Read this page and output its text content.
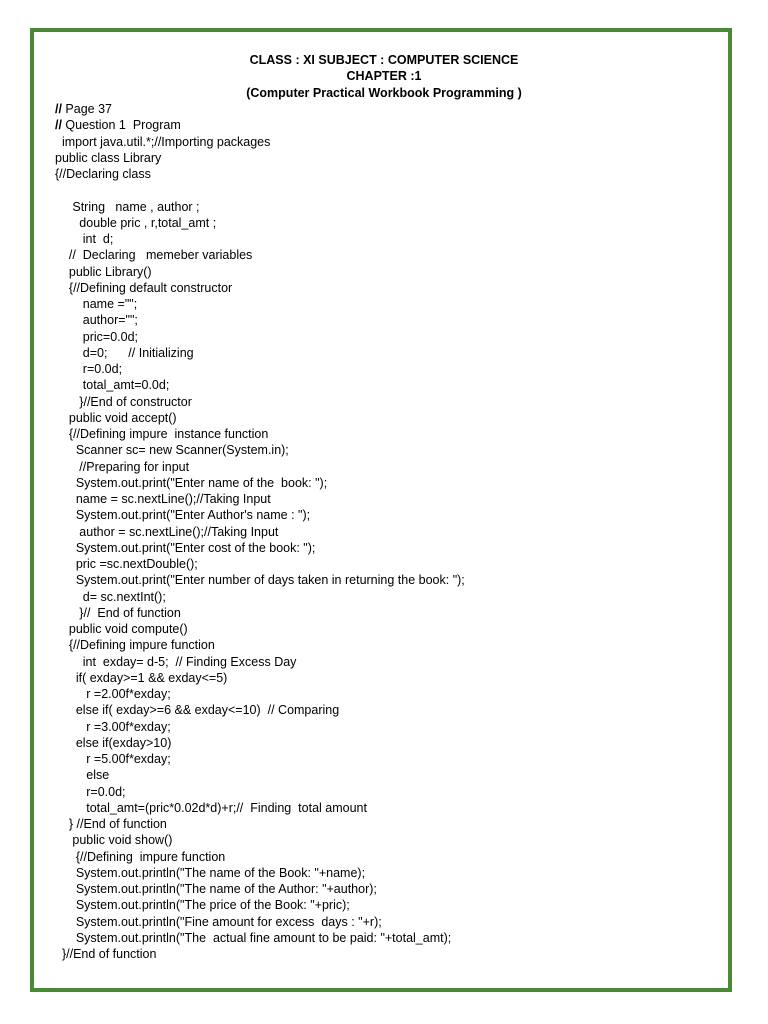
CLASS : XI SUBJECT : COMPUTER SCIENCE
CHAPTER :1
(Computer Practical Workbook Programming )
// Page 37
// Question 1  Program
import java.util.*;//Importing packages
public class Library
{//Declaring class
String   name , author ;
double pric , r,total_amt ;
int  d;
//  Declaring   memeber variables
public Library()
{//Defining default constructor
name ="";
author="";
pric=0.0d;
d=0;      // Initializing
r=0.0d;
total_amt=0.0d;
}//End of constructor
public void accept()
{//Defining impure  instance function
Scanner sc= new Scanner(System.in);
//Preparing for input
System.out.print("Enter name of the  book: ");
name = sc.nextLine();//Taking Input
System.out.print("Enter Author's name : ");
author = sc.nextLine();//Taking Input
System.out.print("Enter cost of the book: ");
pric =sc.nextDouble();
System.out.print("Enter number of days taken in returning the book: ");
d= sc.nextInt();
}//  End of function
public void compute()
{//Defining impure function
int  exday= d-5;  // Finding Excess Day
if( exday>=1 && exday<=5)
r =2.00f*exday;
else if( exday>=6 && exday<=10)  // Comparing
r =3.00f*exday;
else if(exday>10)
r =5.00f*exday;
else
r=0.0d;
total_amt=(pric*0.02d*d)+r;//  Finding  total amount
} //End of function
public void show()
{//Defining  impure function
System.out.println("The name of the Book: "+name);
System.out.println("The name of the Author: "+author);
System.out.println("The price of the Book: "+pric);
System.out.println("Fine amount for excess  days : "+r);
System.out.println("The  actual fine amount to be paid: "+total_amt);
}//End of function
